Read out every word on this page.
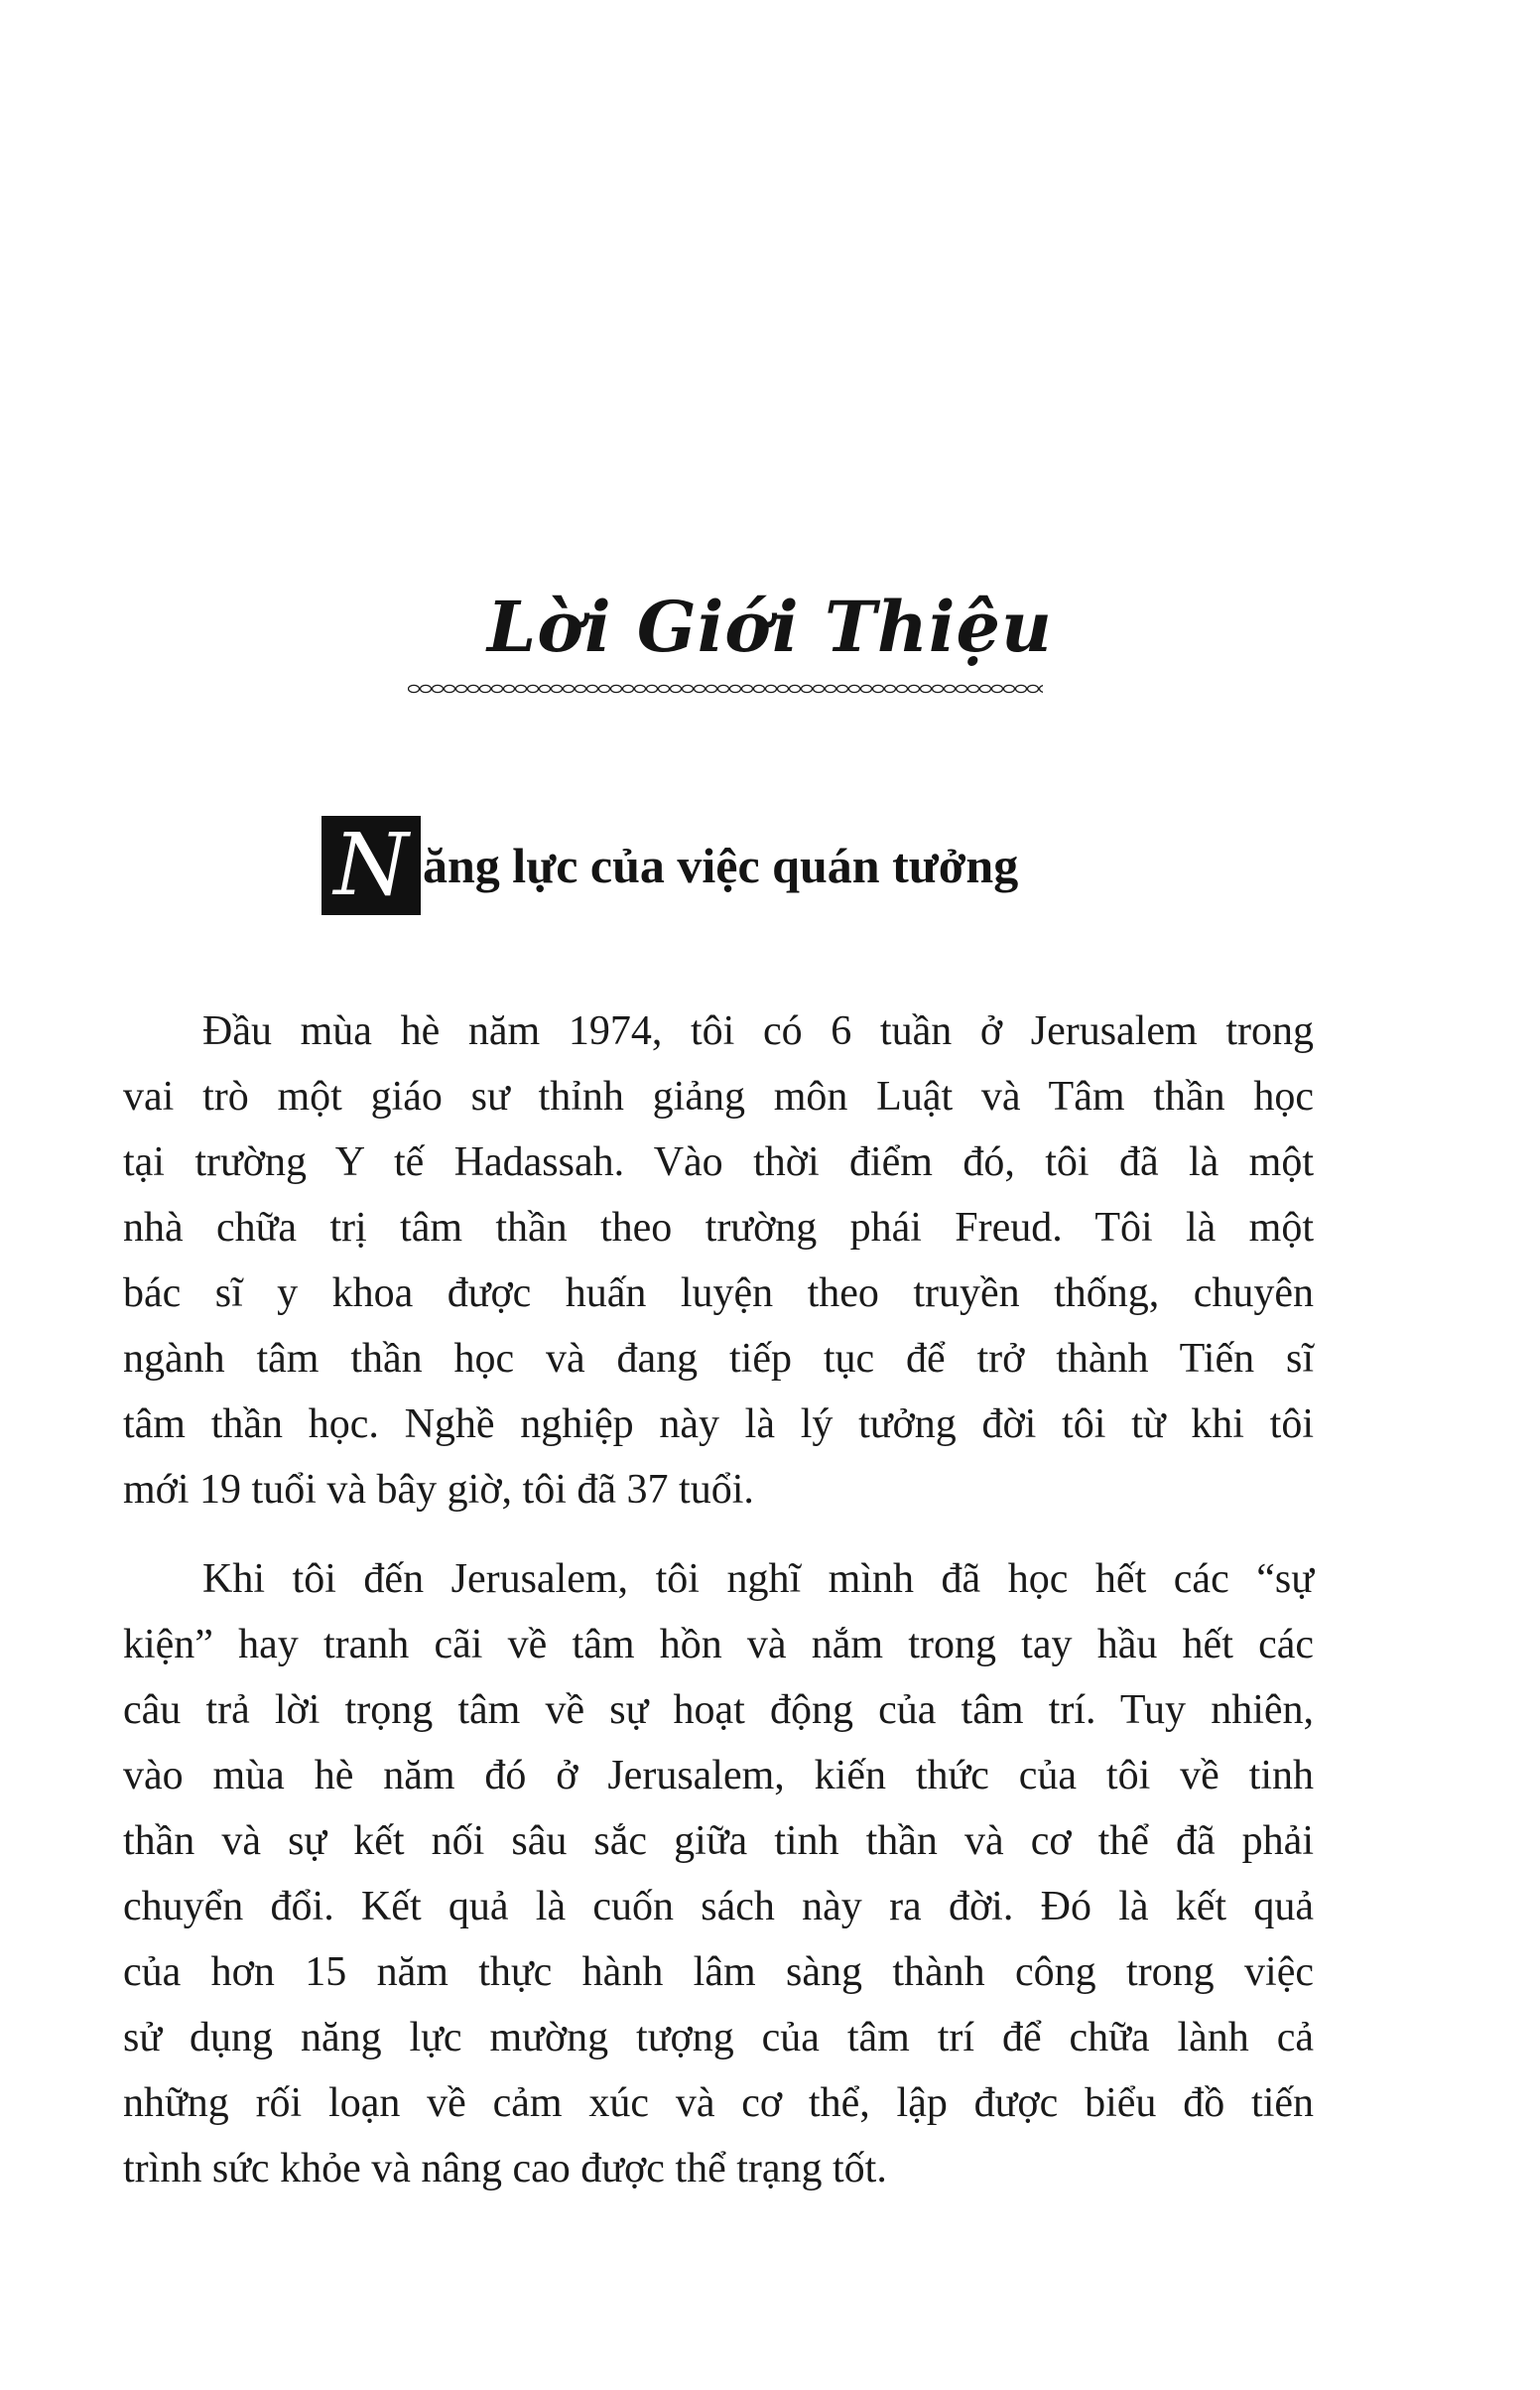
Lời Giới Thiệu
N ăng lực của việc quán tưởng
Đầu mùa hè năm 1974, tôi có 6 tuần ở Jerusalem trong
vai trò một giáo sư thỉnh giảng môn Luật và Tâm thần học
tại trường Y tế Hadassah. Vào thời điểm đó, tôi đã là một
nhà chữa trị tâm thần theo trường phái Freud. Tôi là một
bác sĩ y khoa được huấn luyện theo truyền thống, chuyên
ngành tâm thần học và đang tiếp tục để trở thành Tiến sĩ
tâm thần học. Nghề nghiệp này là lý tưởng đời tôi từ khi tôi
mới 19 tuổi và bây giờ, tôi đã 37 tuổi.
Khi tôi đến Jerusalem, tôi nghĩ mình đã học hết các “sự
kiện” hay tranh cãi về tâm hồn và nắm trong tay hầu hết các
câu trả lời trọng tâm về sự hoạt động của tâm trí. Tuy nhiên,
vào mùa hè năm đó ở Jerusalem, kiến thức của tôi về tinh
thần và sự kết nối sâu sắc giữa tinh thần và cơ thể đã phải
chuyển đổi. Kết quả là cuốn sách này ra đời. Đó là kết quả
của hơn 15 năm thực hành lâm sàng thành công trong việc
sử dụng năng lực mường tượng của tâm trí để chữa lành cả
những rối loạn về cảm xúc và cơ thể, lập được biểu đồ tiến
trình sức khỏe và nâng cao được thể trạng tốt.
